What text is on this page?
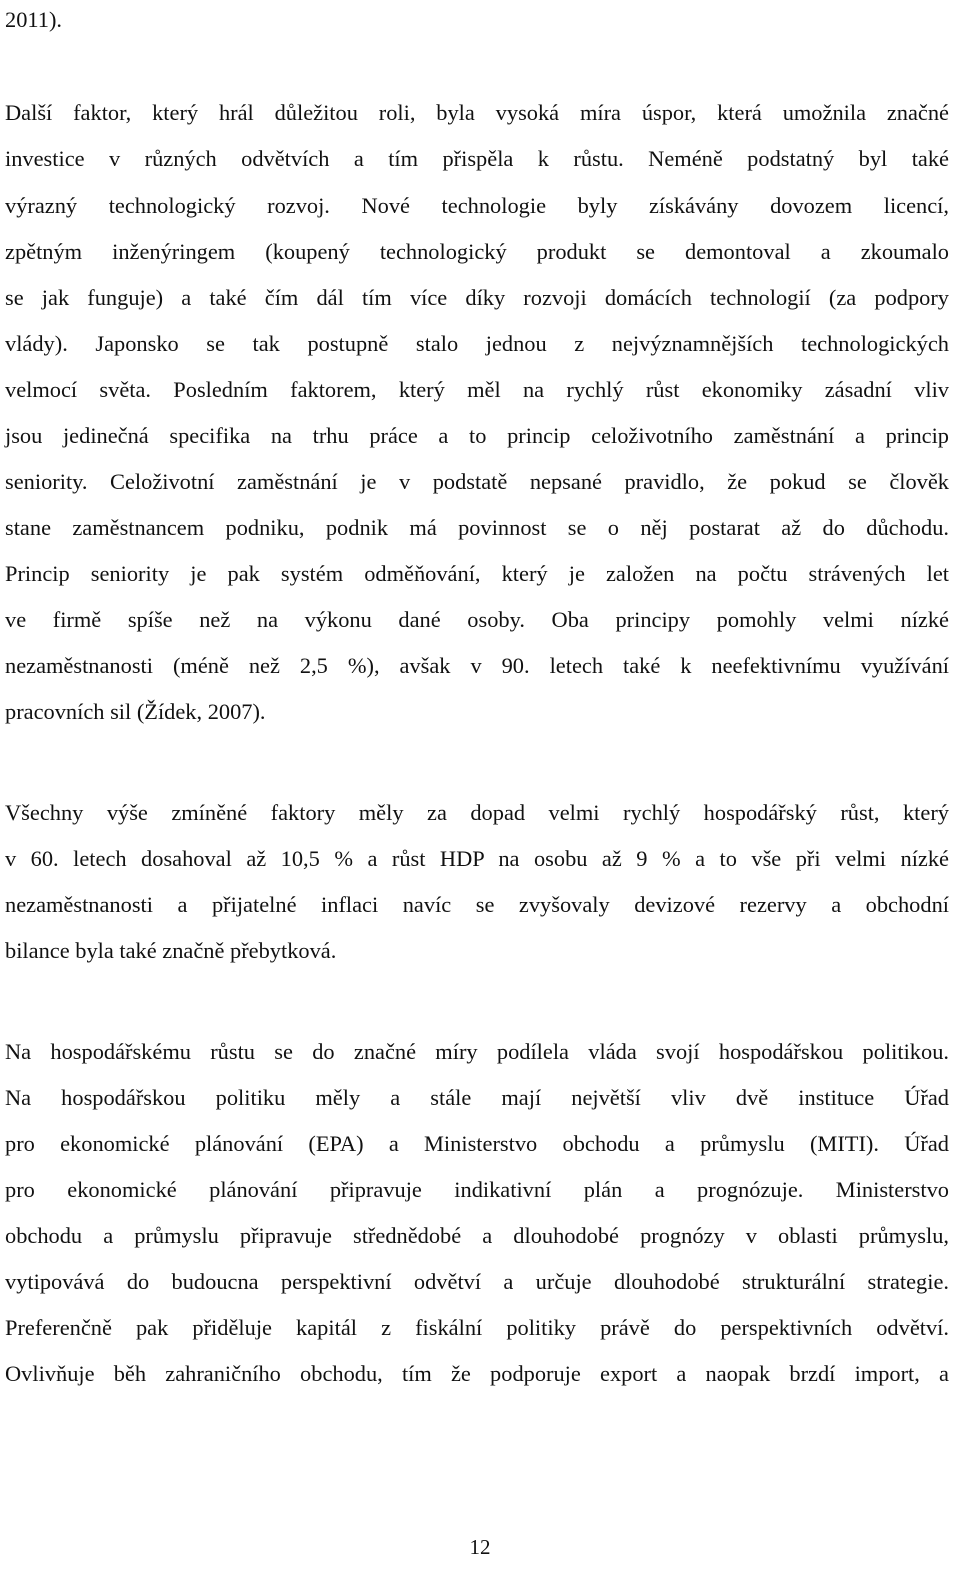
2011).
Další faktor, který hrál důležitou roli, byla vysoká míra úspor, která umožnila značné
investice v různých odvětvích a tím přispěla k růstu. Neméně podstatný byl také
výrazný technologický rozvoj. Nové technologie byly získávány dovozem licencí,
zpětným inženýringem (koupený technologický produkt se demontoval a zkoumalo
se jak funguje) a také čím dál tím více díky rozvoji domácích technologií (za podpory
vlády). Japonsko se tak postupně stalo jednou z nejvýznamnějších technologických
velmocí světa. Posledním faktorem, který měl na rychlý růst ekonomiky zásadní vliv
jsou jedinečná specifika na trhu práce a to princip celoživotního zaměstnání a princip
seniority. Celoživotní zaměstnání je v podstatě nepsané pravidlo, že pokud se člověk
stane zaměstnancem podniku, podnik má povinnost se o něj postarat až do důchodu.
Princip seniority je pak systém odměňování, který je založen na počtu strávených let
ve firmě spíše než na výkonu dané osoby. Oba principy pomohly velmi nízké
nezaměstnanosti (méně než 2,5 %), avšak v 90. letech také k neefektivnímu využívání
pracovních sil (Žídek, 2007).
Všechny výše zmíněné faktory měly za dopad velmi rychlý hospodářský růst, který
v 60. letech dosahoval až 10,5 % a růst HDP na osobu až 9 % a to vše při velmi nízké
nezaměstnanosti a přijatelné inflaci navíc se zvyšovaly devizové rezervy a obchodní
bilance byla také značně přebytková.
Na hospodářskému růstu se do značné míry podílela vláda svojí hospodářskou politikou.
Na hospodářskou politiku měly a stále mají největší vliv dvě instituce Úřad
pro ekonomické plánování (EPA) a Ministerstvo obchodu a průmyslu (MITI). Úřad
pro ekonomické plánování připravuje indikativní plán a prognózuje. Ministerstvo
obchodu a průmyslu připravuje střednědobé a dlouhodobé prognózy v oblasti průmyslu,
vytipovává do budoucna perspektivní odvětví a určuje dlouhodobé strukturální strategie.
Preferenčně pak přiděluje kapitál z fiskální politiky právě do perspektivních odvětví.
Ovlivňuje běh zahraničního obchodu, tím že podporuje export a naopak brzdí import, a
12
